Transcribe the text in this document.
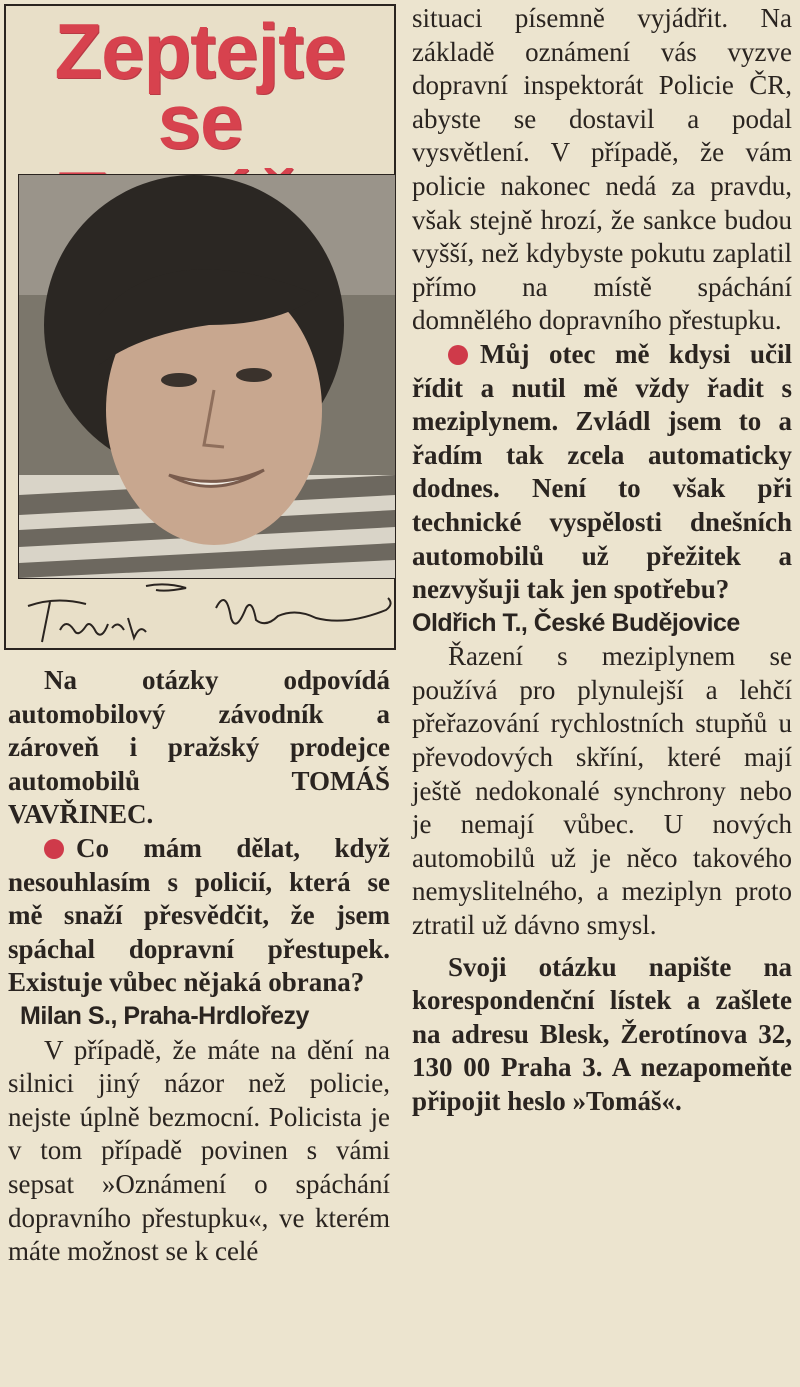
Zeptejte se

Na otázky odpovídá automobilový závodník a zároveň i pražský prodejce automobilů TOMÁŠ VAVŘINEC.

Co mám dělat, když nesouhlasím s policií, která se mě snaží přesvědčit, že jsem spáchal dopravní přestupek. Existuje vůbec nějaká obrana?

Milan S., Praha-Hrdlořezy

V případě, že máte na dění na silnici jiný názor než policie, nejste úplně bezmocní. Policista je v tom případě povinen s vámi sepsat »Oznámení o spáchání dopravního přestupku«, ve kterém máte možnost se k celé

situaci písemně vyjádřit. Na základě oznámení vás vyzve dopravní inspektorát Policie ČR, abyste se dostavil a podal vysvětlení. V případě, že vám policie nakonec nedá za pravdu, však stejně hrozí, že sankce budou vyšší, než kdybyste pokutu zaplatil přímo na místě spáchání domnělého dopravního přestupku.

Můj otec mě kdysi učil řídit a nutil mě vždy řadit s meziplynem. Zvládl jsem to a řadím tak zcela automaticky dodnes. Není to však při technické vyspělosti dnešních automobilů už přežitek a nezvyšuji tak jen spotřebu?

Oldřich T., České Budějovice

Řazení s meziplynem se používá pro plynulejší a lehčí přeřazování rychlostních stupňů u převodových skříní, které mají ještě nedokonalé synchrony nebo je nemají vůbec. U nových automobilů už je něco takového nemyslitelného, a meziplyn proto ztratil už dávno smysl.

Svoji otázku napište na korespondenční lístek a zašlete na adresu Blesk, Žerotínova 32, 130 00 Praha 3. A nezapomeňte připojit heslo »Tomáš«.
